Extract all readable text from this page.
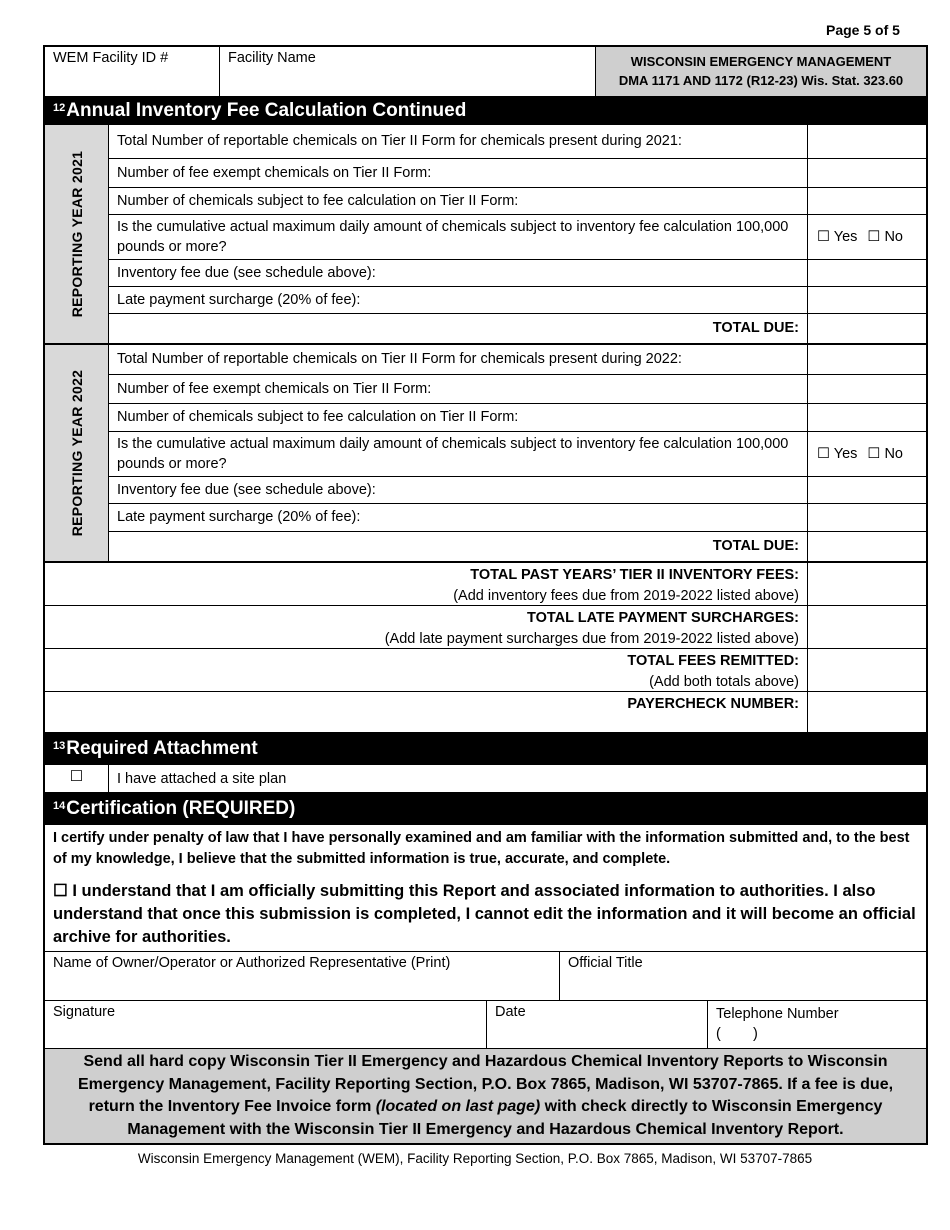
Page 5 of 5
WEM Facility ID #	Facility Name	WISCONSIN EMERGENCY MANAGEMENT
DMA 1171 AND 1172 (R12-23) Wis. Stat. 323.60
$^{12}$ Annual Inventory Fee Calculation Continued
REPORTING YEAR 2021
Total Number of reportable chemicals on Tier II Form for chemicals present during 2021:
Number of fee exempt chemicals on Tier II Form:
Number of chemicals subject to fee calculation on Tier II Form:
Is the cumulative actual maximum daily amount of chemicals subject to inventory fee calculation 100,000 pounds or more?
☐ Yes ☐ No
Inventory fee due (see schedule above):
Late payment surcharge (20% of fee):
TOTAL DUE:
REPORTING YEAR 2022
Total Number of reportable chemicals on Tier II Form for chemicals present during 2022:
Number of fee exempt chemicals on Tier II Form:
Number of chemicals subject to fee calculation on Tier II Form:
Is the cumulative actual maximum daily amount of chemicals subject to inventory fee calculation 100,000 pounds or more?
☐ Yes ☐ No
Inventory fee due (see schedule above):
Late payment surcharge (20% of fee):
TOTAL DUE:
TOTAL PAST YEARS’ TIER II INVENTORY FEES:
(Add inventory fees due from 2019-2022 listed above)
TOTAL LATE PAYMENT SURCHARGES:
(Add late payment surcharges due from 2019-2022 listed above)
TOTAL FEES REMITTED:
(Add both totals above)
PAYERCHECK NUMBER:
$^{13}$ Required Attachment
☐	I have attached a site plan
$^{14}$ Certification (REQUIRED)
I certify under penalty of law that I have personally examined and am familiar with the information submitted and, to the best of my knowledge, I believe that the submitted information is true, accurate, and complete.
☐ I understand that I am officially submitting this Report and associated information to authorities. I also understand that once this submission is completed, I cannot edit the information and it will become an official archive for authorities.
Name of Owner/Operator or Authorized Representative (Print)	Official Title
Signature	Date	Telephone Number
(        )
Send all hard copy Wisconsin Tier II Emergency and Hazardous Chemical Inventory Reports to Wisconsin Emergency Management, Facility Reporting Section, P.O. Box 7865, Madison, WI 53707-7865. If a fee is due, return the Inventory Fee Invoice form (located on last page) with check directly to Wisconsin Emergency Management with the Wisconsin Tier II Emergency and Hazardous Chemical Inventory Report.
Wisconsin Emergency Management (WEM), Facility Reporting Section, P.O. Box 7865, Madison, WI 53707-7865
